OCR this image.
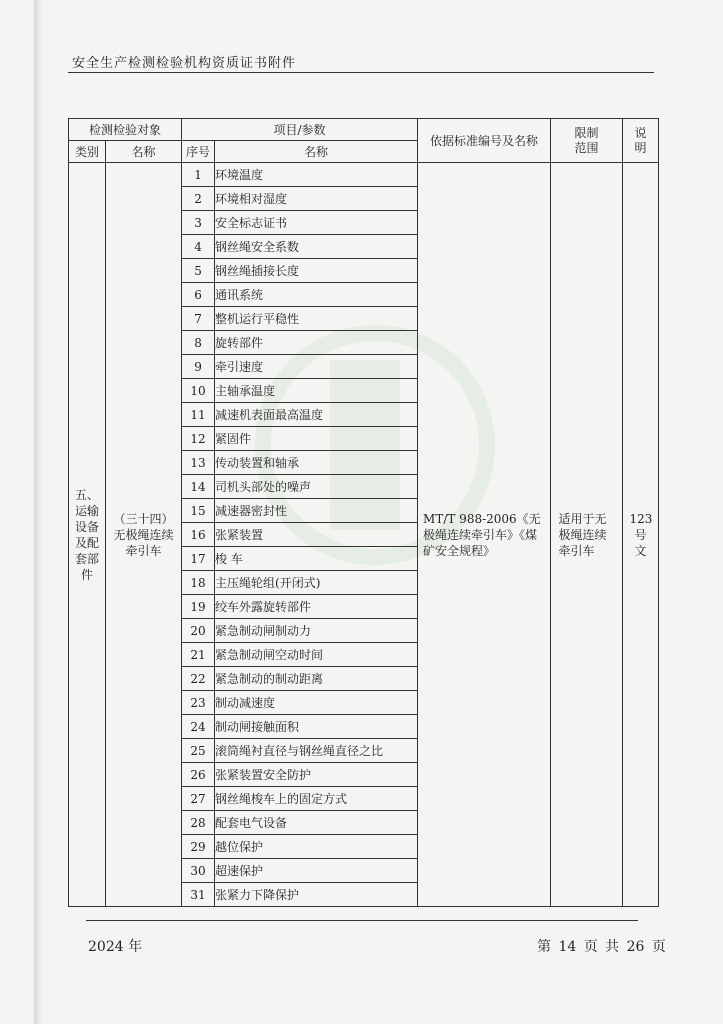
安全生产检测检验机构资质证书附件
检测检验对象		项目/参数		依据标准编号及名称	限制范围	说明
类别	名称	序号	名称			
五、运输设备及配套部件	（三十四）无极绳连续牵引车	1	环境温度	MT/T 988-2006《无极绳连续牵引车》《煤矿安全规程》	适用于无极绳连续牵引车	123号文
		2	环境相对湿度			
		3	安全标志证书			
		4	钢丝绳安全系数			
		5	钢丝绳插接长度			
		6	通讯系统			
		7	整机运行平稳性			
		8	旋转部件			
		9	牵引速度			
		10	主轴承温度			
		11	减速机表面最高温度			
		12	紧固件			
		13	传动装置和轴承			
		14	司机头部处的噪声			
		15	减速器密封性			
		16	张紧装置			
		17	梭 车			
		18	主压绳轮组(开闭式)			
		19	绞车外露旋转部件			
		20	紧急制动闸制动力			
		21	紧急制动闸空动时间			
		22	紧急制动的制动距离			
		23	制动减速度			
		24	制动闸接触面积			
		25	滚筒绳衬直径与钢丝绳直径之比			
		26	张紧装置安全防护			
		27	钢丝绳梭车上的固定方式			
		28	配套电气设备			
		29	越位保护			
		30	超速保护			
		31	张紧力下降保护			
2024 年	第 14 页 共 26 页
